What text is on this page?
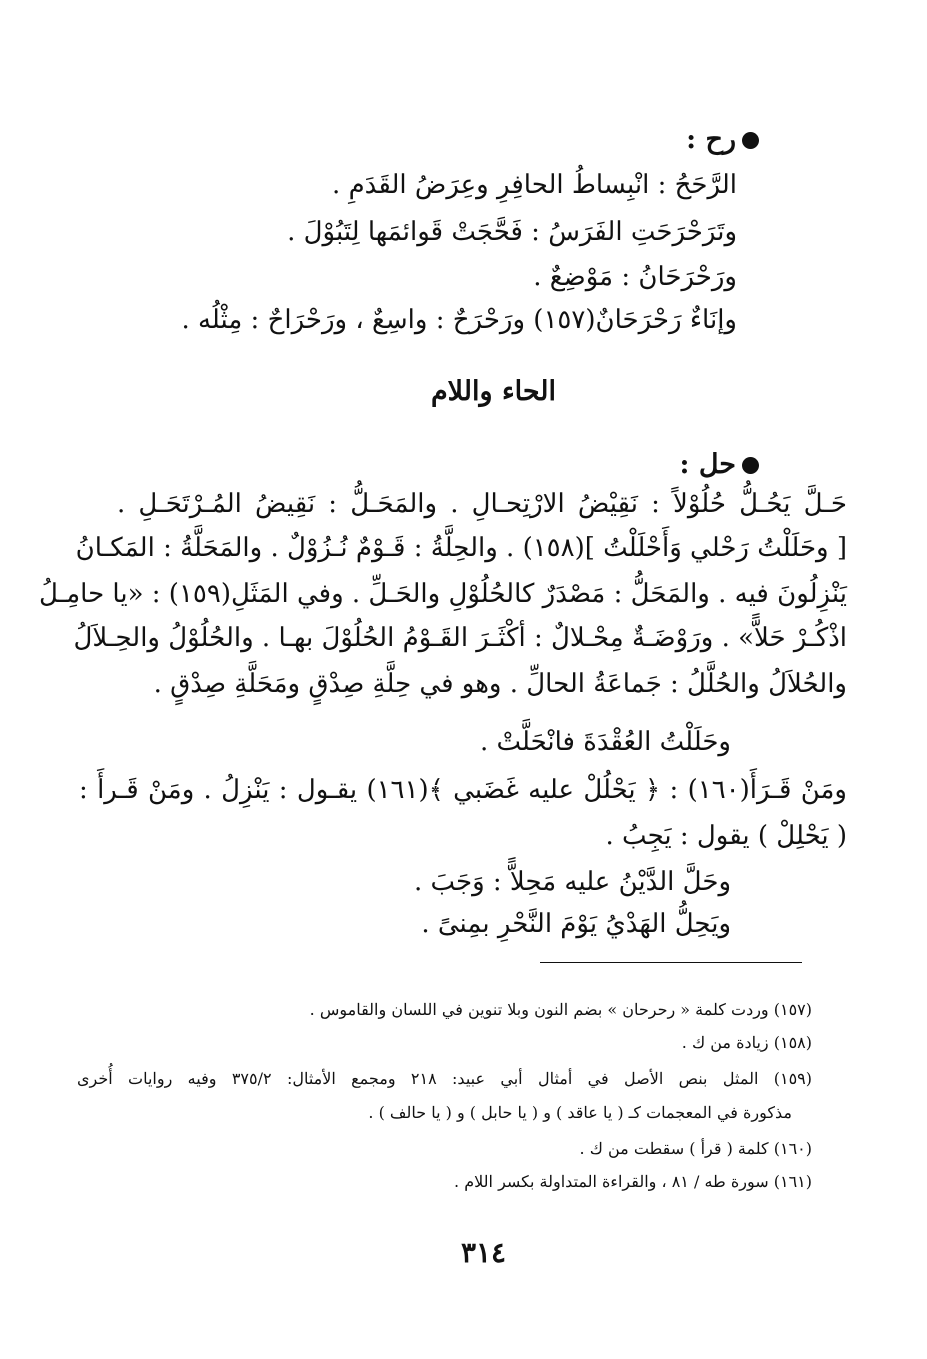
رح :
الرَّحَحُ : انْبِساطُ الحافِرِ وعِرَضُ القَدَمِ .
وتَرَحْرَحَتِ الفَرَسُ : فَحَّجَتْ قَوائمَها لِتَبُوْلَ .
ورَحْرَحَانُ : مَوْضِعٌ .
وإنَاءٌ رَحْرَحَانٌ(١٥٧) ورَحْرَحٌ : واسِعٌ ، ورَحْرَاحٌ : مِثْلُه .
الحاء واللام
حل :
حَـلَّ يَحُـلُّ حُلُوْلاً : نَقِيْضُ الارْتِحـالِ . والمَحَـلُّ : نَقِيضُ المُـرْتَحَـلِ .
[ وحَلَلْتُ رَحْلي وَأَحْلَلْتُ ](١٥٨) . والحِلَّةُ : قَـوْمٌ نُـزُوْلٌ . والمَحَلَّةُ : المَكـانُ
يَنْزِلُونَ فيه . والمَحَلُّ : مَصْدَرٌ كالحُلُوْلِ والحَـلِّ . وفي المَثَلِ(١٥٩) : «يا حامِـلُ
اذْكُـرْ حَلاًّ» . ورَوْضَـةٌ مِحْـلالٌ : أكْثَـرَ القَـوْمُ الحُلُوْلَ بهـا . والحُلُوْلُ والحِـلاَلُ
والحُلاَلُ والحُلَّلُ : جَماعَةُ الحالِّ . وهو في حِلَّةِ صِدْقٍ ومَحَلَّةِ صِدْقٍ .
وحَلَلْتُ العُقْدَةَ فانْحَلَّتْ .
ومَنْ قَـرَأَ(١٦٠) : ﴿ يَحْلُلْ عليه غَضَبي ﴾(١٦١) يقـول : يَنْزِلُ . ومَنْ قَـرأَ :
( يَحْلِلْ ) يقول : يَجِبُ .
وحَلَّ الدَّيْنُ عليه مَحِلاًّ : وَجَبَ .
ويَحِلُّ الهَدْيُ يَوْمَ النَّحْرِ بمِنىً .
(١٥٧) وردت كلمة « رحرحان » بضم النون وبلا تنوين في اللسان والقاموس .
(١٥٨) زيادة من ك .
(١٥٩) المثل بنص الأصل في أمثال أبي عبيد: ٢١٨ ومجمع الأمثال: ٣٧٥/٢ وفيه روايات أُخرى
مذكورة في المعجمات كـ ( يا عاقد ) و ( يا حابل ) و ( يا حالف ) .
(١٦٠) كلمة ( قرأ ) سقطت من ك .
(١٦١) سورة طه / ٨١ ، والقراءة المتداولة بكسر اللام .
٣١٤
